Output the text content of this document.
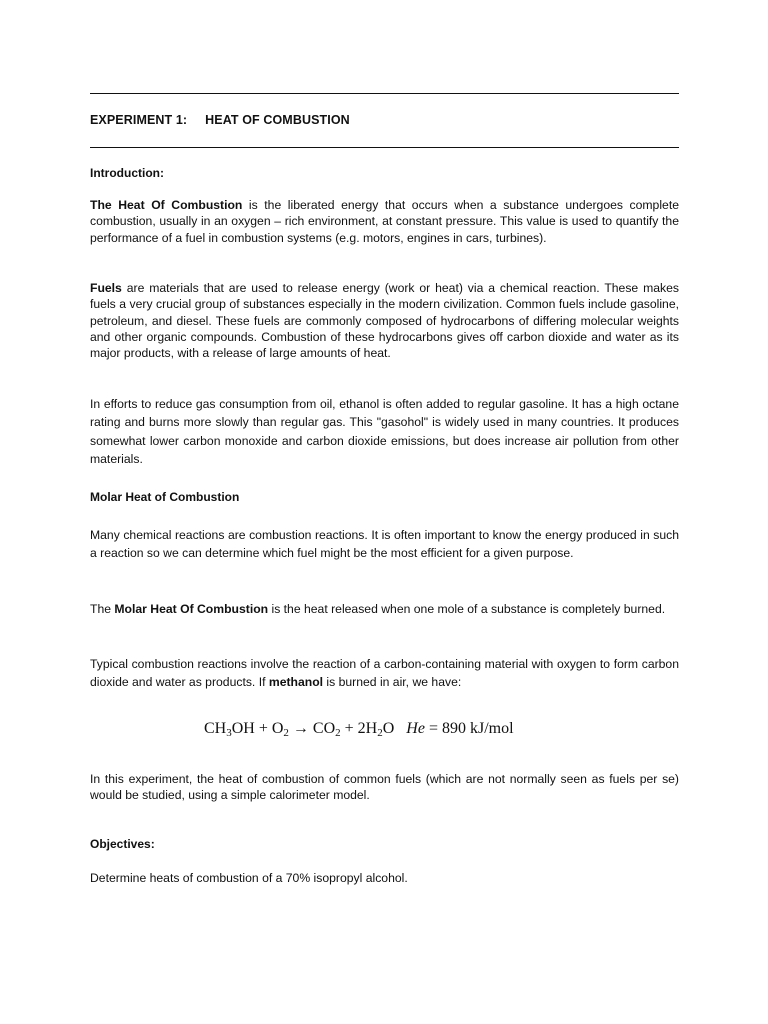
EXPERIMENT 1: HEAT OF COMBUSTION
Introduction:

The Heat Of Combustion is the liberated energy that occurs when a substance undergoes complete combustion, usually in an oxygen – rich environment, at constant pressure. This value is used to quantify the performance of a fuel in combustion systems (e.g. motors, engines in cars, turbines).

Fuels are materials that are used to release energy (work or heat) via a chemical reaction. These makes fuels a very crucial group of substances especially in the modern civilization. Common fuels include gasoline, petroleum, and diesel. These fuels are commonly composed of hydrocarbons of differing molecular weights and other organic compounds. Combustion of these hydrocarbons gives off carbon dioxide and water as its major products, with a release of large amounts of heat.

In efforts to reduce gas consumption from oil, ethanol is often added to regular gasoline. It has a high octane rating and burns more slowly than regular gas. This "gasohol" is widely used in many countries. It produces somewhat lower carbon monoxide and carbon dioxide emissions, but does increase air pollution from other materials.

Molar Heat of Combustion

Many chemical reactions are combustion reactions. It is often important to know the energy produced in such a reaction so we can determine which fuel might be the most efficient for a given purpose.

The Molar Heat Of Combustion is the heat released when one mole of a substance is completely burned.

Typical combustion reactions involve the reaction of a carbon-containing material with oxygen to form carbon dioxide and water as products. If methanol is burned in air, we have:

$CH_3OH + O_2 \to CO_2 + 2H_2O$ He = 890 kJ/mol

In this experiment, the heat of combustion of common fuels (which are not normally seen as fuels per se) would be studied, using a simple calorimeter model.

Objectives:

Determine heats of combustion of a 70% isopropyl alcohol.
